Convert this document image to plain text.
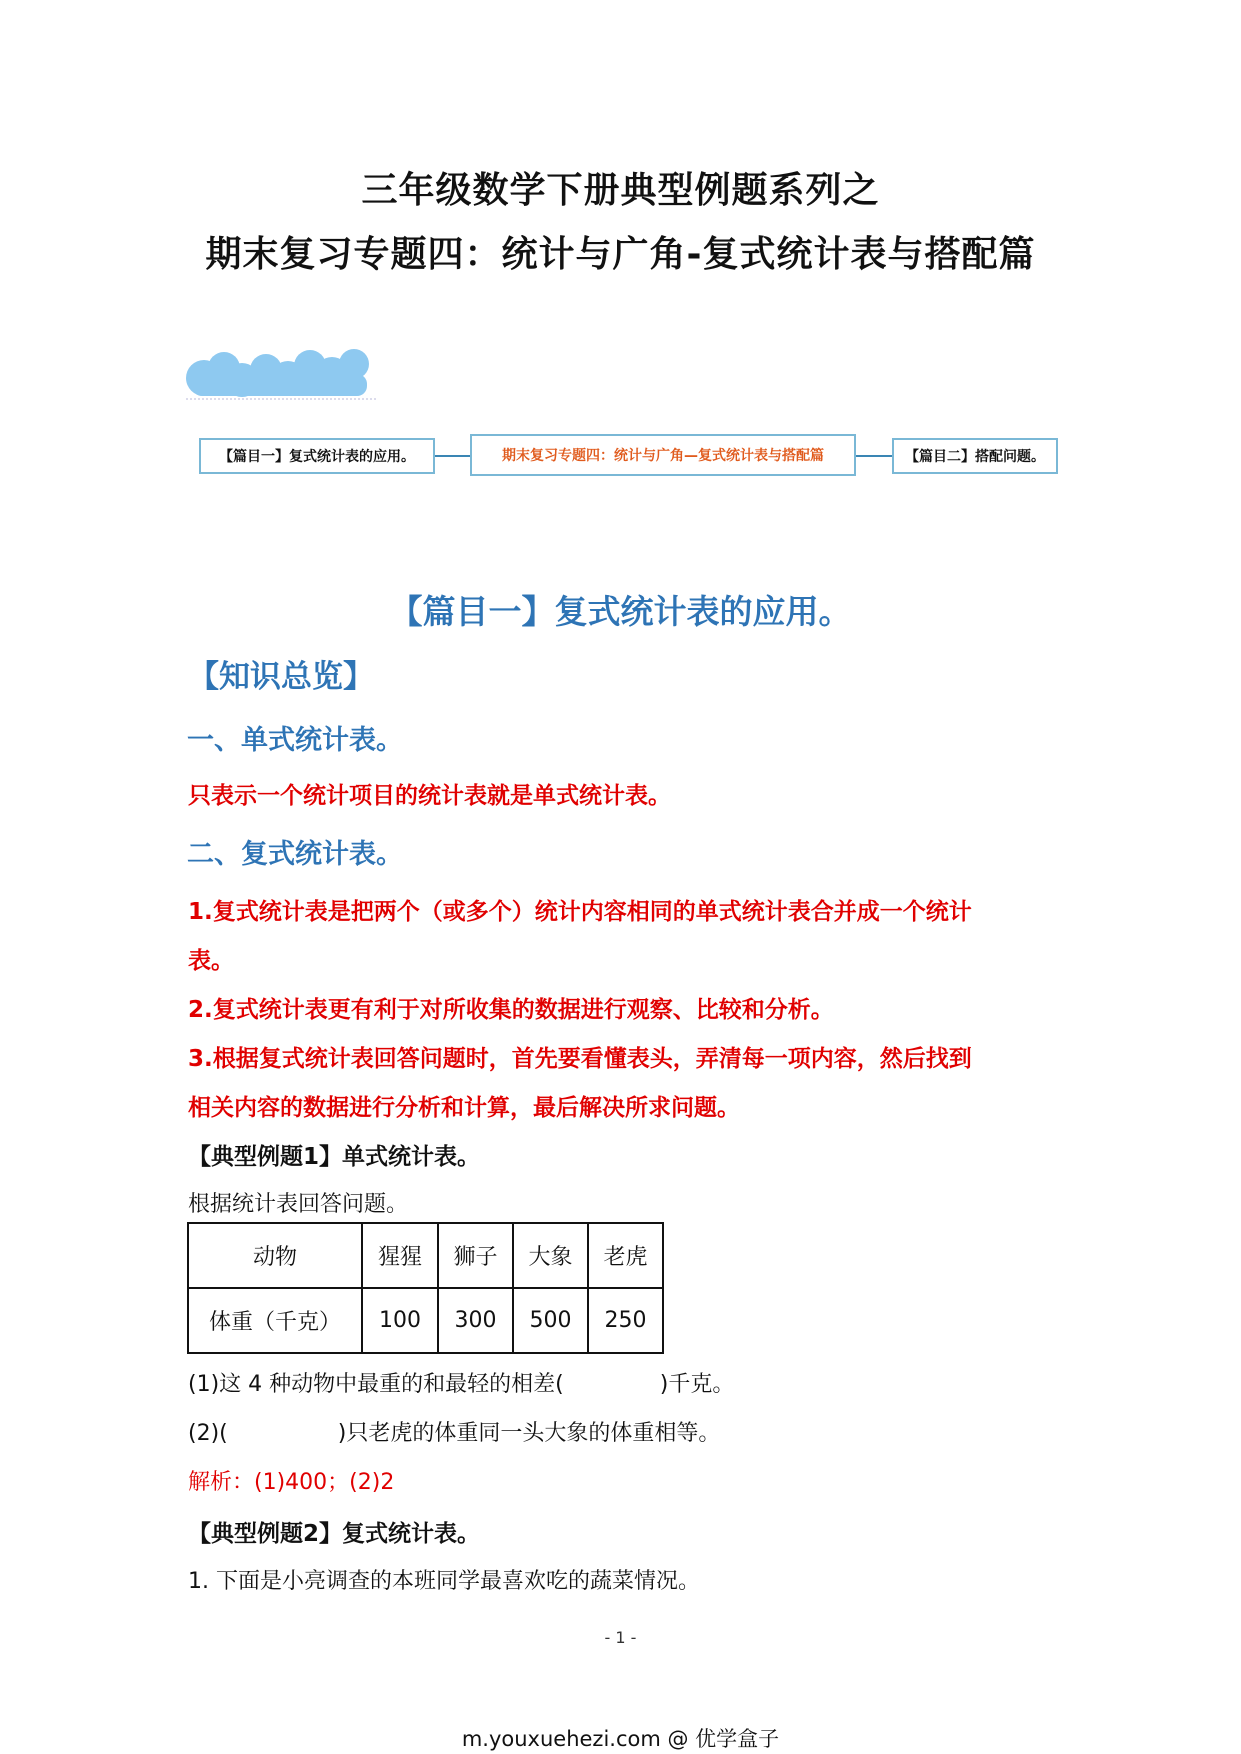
三年级数学下册典型例题系列之
期末复习专题四：统计与广角-复式统计表与搭配篇
【篇目一】复式统计表的应用。	期末复习专题四：统计与广角—复式统计表与搭配篇	【篇目二】搭配问题。
【篇目一】复式统计表的应用。
【知识总览】
一、单式统计表。
只表示一个统计项目的统计表就是单式统计表。
二、复式统计表。
1.复式统计表是把两个（或多个）统计内容相同的单式统计表合并成一个统计
表。
2.复式统计表更有利于对所收集的数据进行观察、比较和分析。
3.根据复式统计表回答问题时，首先要看懂表头，弄清每一项内容，然后找到
相关内容的数据进行分析和计算，最后解决所求问题。
【典型例题1】单式统计表。
根据统计表回答问题。
动物	猩猩	狮子	大象	老虎
体重（千克）	100	300	500	250
(1)这 4 种动物中最重的和最轻的相差(	)千克。
(2)(	)只老虎的体重同一头大象的体重相等。
解析：(1)400；(2)2
【典型例题2】复式统计表。
1. 下面是小亮调查的本班同学最喜欢吃的蔬菜情况。
- 1 -
m.youxuehezi.com @ 优学盒子
